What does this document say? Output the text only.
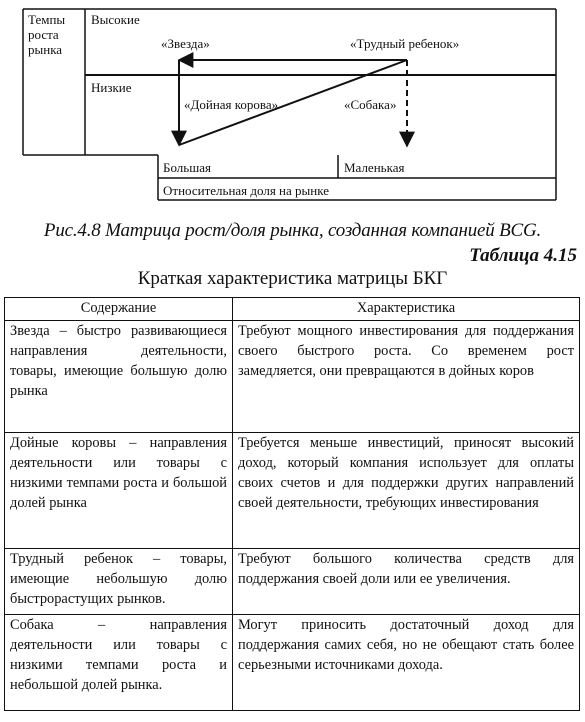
Темпы
роста
рынка
Высокие
Низкие
«Звезда»	«Трудный ребенок»
«Дойная корова»	«Собака»
Большая	Маленькая
Относительная доля на рынке
Рис.4.8 Матрица рост/доля рынка, созданная компанией BCG.
Таблица 4.15
Краткая характеристика матрицы БКГ
Содержание	Характеристика
Звезда – быстро развивающиеся направления деятельности, товары, имеющие большую долю рынка	Требуют мощного инвестирования для поддержания своего быстрого роста. Со временем рост замедляется, они превращаются в дойных коров
Дойные коровы – направления деятельности или товары с низкими темпами роста и большой долей рынка	Требуется меньше инвестиций, приносят высокий доход, который компания использует для оплаты своих счетов и для поддержки других направлений своей деятельности, требующих инвестирования
Трудный ребенок – товары, имеющие небольшую долю быстрорастущих рынков.	Требуют большого количества средств для поддержания своей доли или ее увеличения.
Собака – направления деятельности или товары с низкими темпами роста и небольшой долей рынка.	Могут приносить достаточный доход для поддержания самих себя, но не обещают стать более серьезными источниками дохода.
